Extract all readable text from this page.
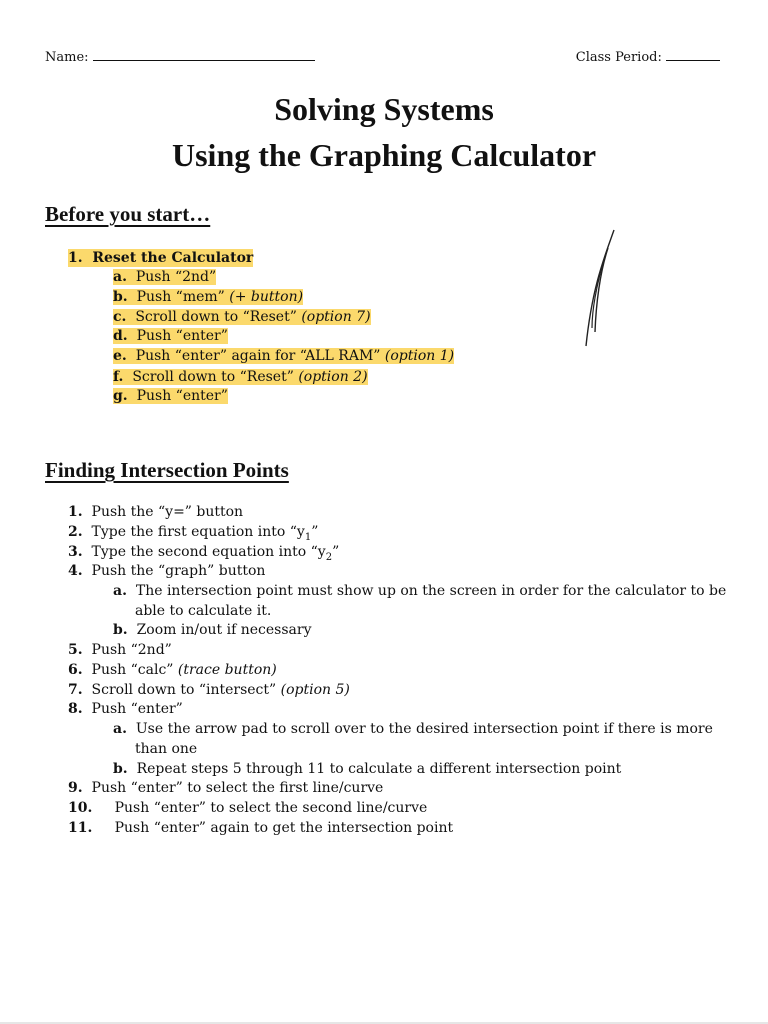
Name:	Class Period:
Solving Systems
Using the Graphing Calculator
Before you start…
1. Reset the Calculator
a. Push “2nd”
b. Push “mem” (+ button)
c. Scroll down to “Reset” (option 7)
d. Push “enter”
e. Push “enter” again for “ALL RAM” (option 1)
f. Scroll down to “Reset” (option 2)
g. Push “enter”
Finding Intersection Points
1. Push the “y=” button
2. Type the first equation into “$y_1$”
3. Type the second equation into “$y_2$”
4. Push the “graph” button
a. The intersection point must show up on the screen in order for the calculator to be
able to calculate it.
b. Zoom in/out if necessary
5. Push “2nd”
6. Push “calc” (trace button)
7. Scroll down to “intersect” (option 5)
8. Push “enter”
a. Use the arrow pad to scroll over to the desired intersection point if there is more
than one
b. Repeat steps 5 through 11 to calculate a different intersection point
9. Push “enter” to select the first line/curve
10. Push “enter” to select the second line/curve
11. Push “enter” again to get the intersection point
